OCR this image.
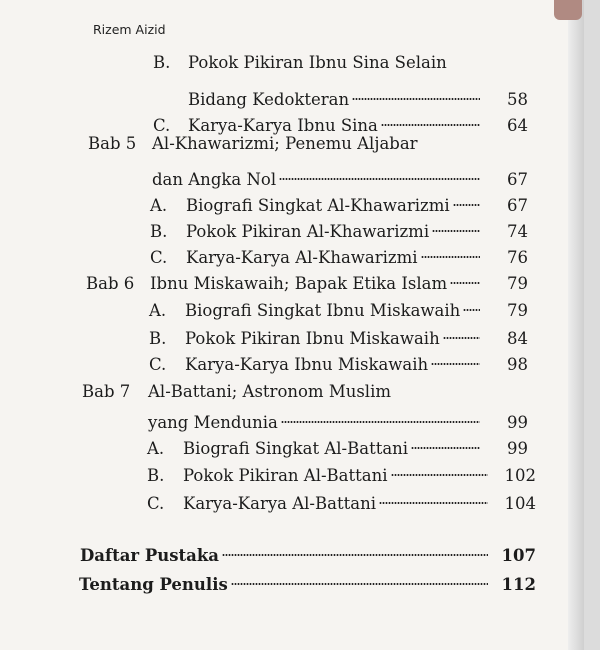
Rizem Aizid
B. Pokok Pikiran Ibnu Sina Selain
Bidang Kedokteran	58
C. Karya-Karya Ibnu Sina	64
Bab 5 Al-Khawarizmi; Penemu Aljabar
dan Angka Nol	67
A. Biografi Singkat Al-Khawarizmi	67
B. Pokok Pikiran Al-Khawarizmi	74
C. Karya-Karya Al-Khawarizmi	76
Bab 6 Ibnu Miskawaih; Bapak Etika Islam	79
A. Biografi Singkat Ibnu Miskawaih	79
B. Pokok Pikiran Ibnu Miskawaih	84
C. Karya-Karya Ibnu Miskawaih	98
Bab 7 Al-Battani; Astronom Muslim
yang Mendunia	99
A. Biografi Singkat Al-Battani	99
B. Pokok Pikiran Al-Battani	102
C. Karya-Karya Al-Battani	104
Daftar Pustaka	107
Tentang Penulis	112
